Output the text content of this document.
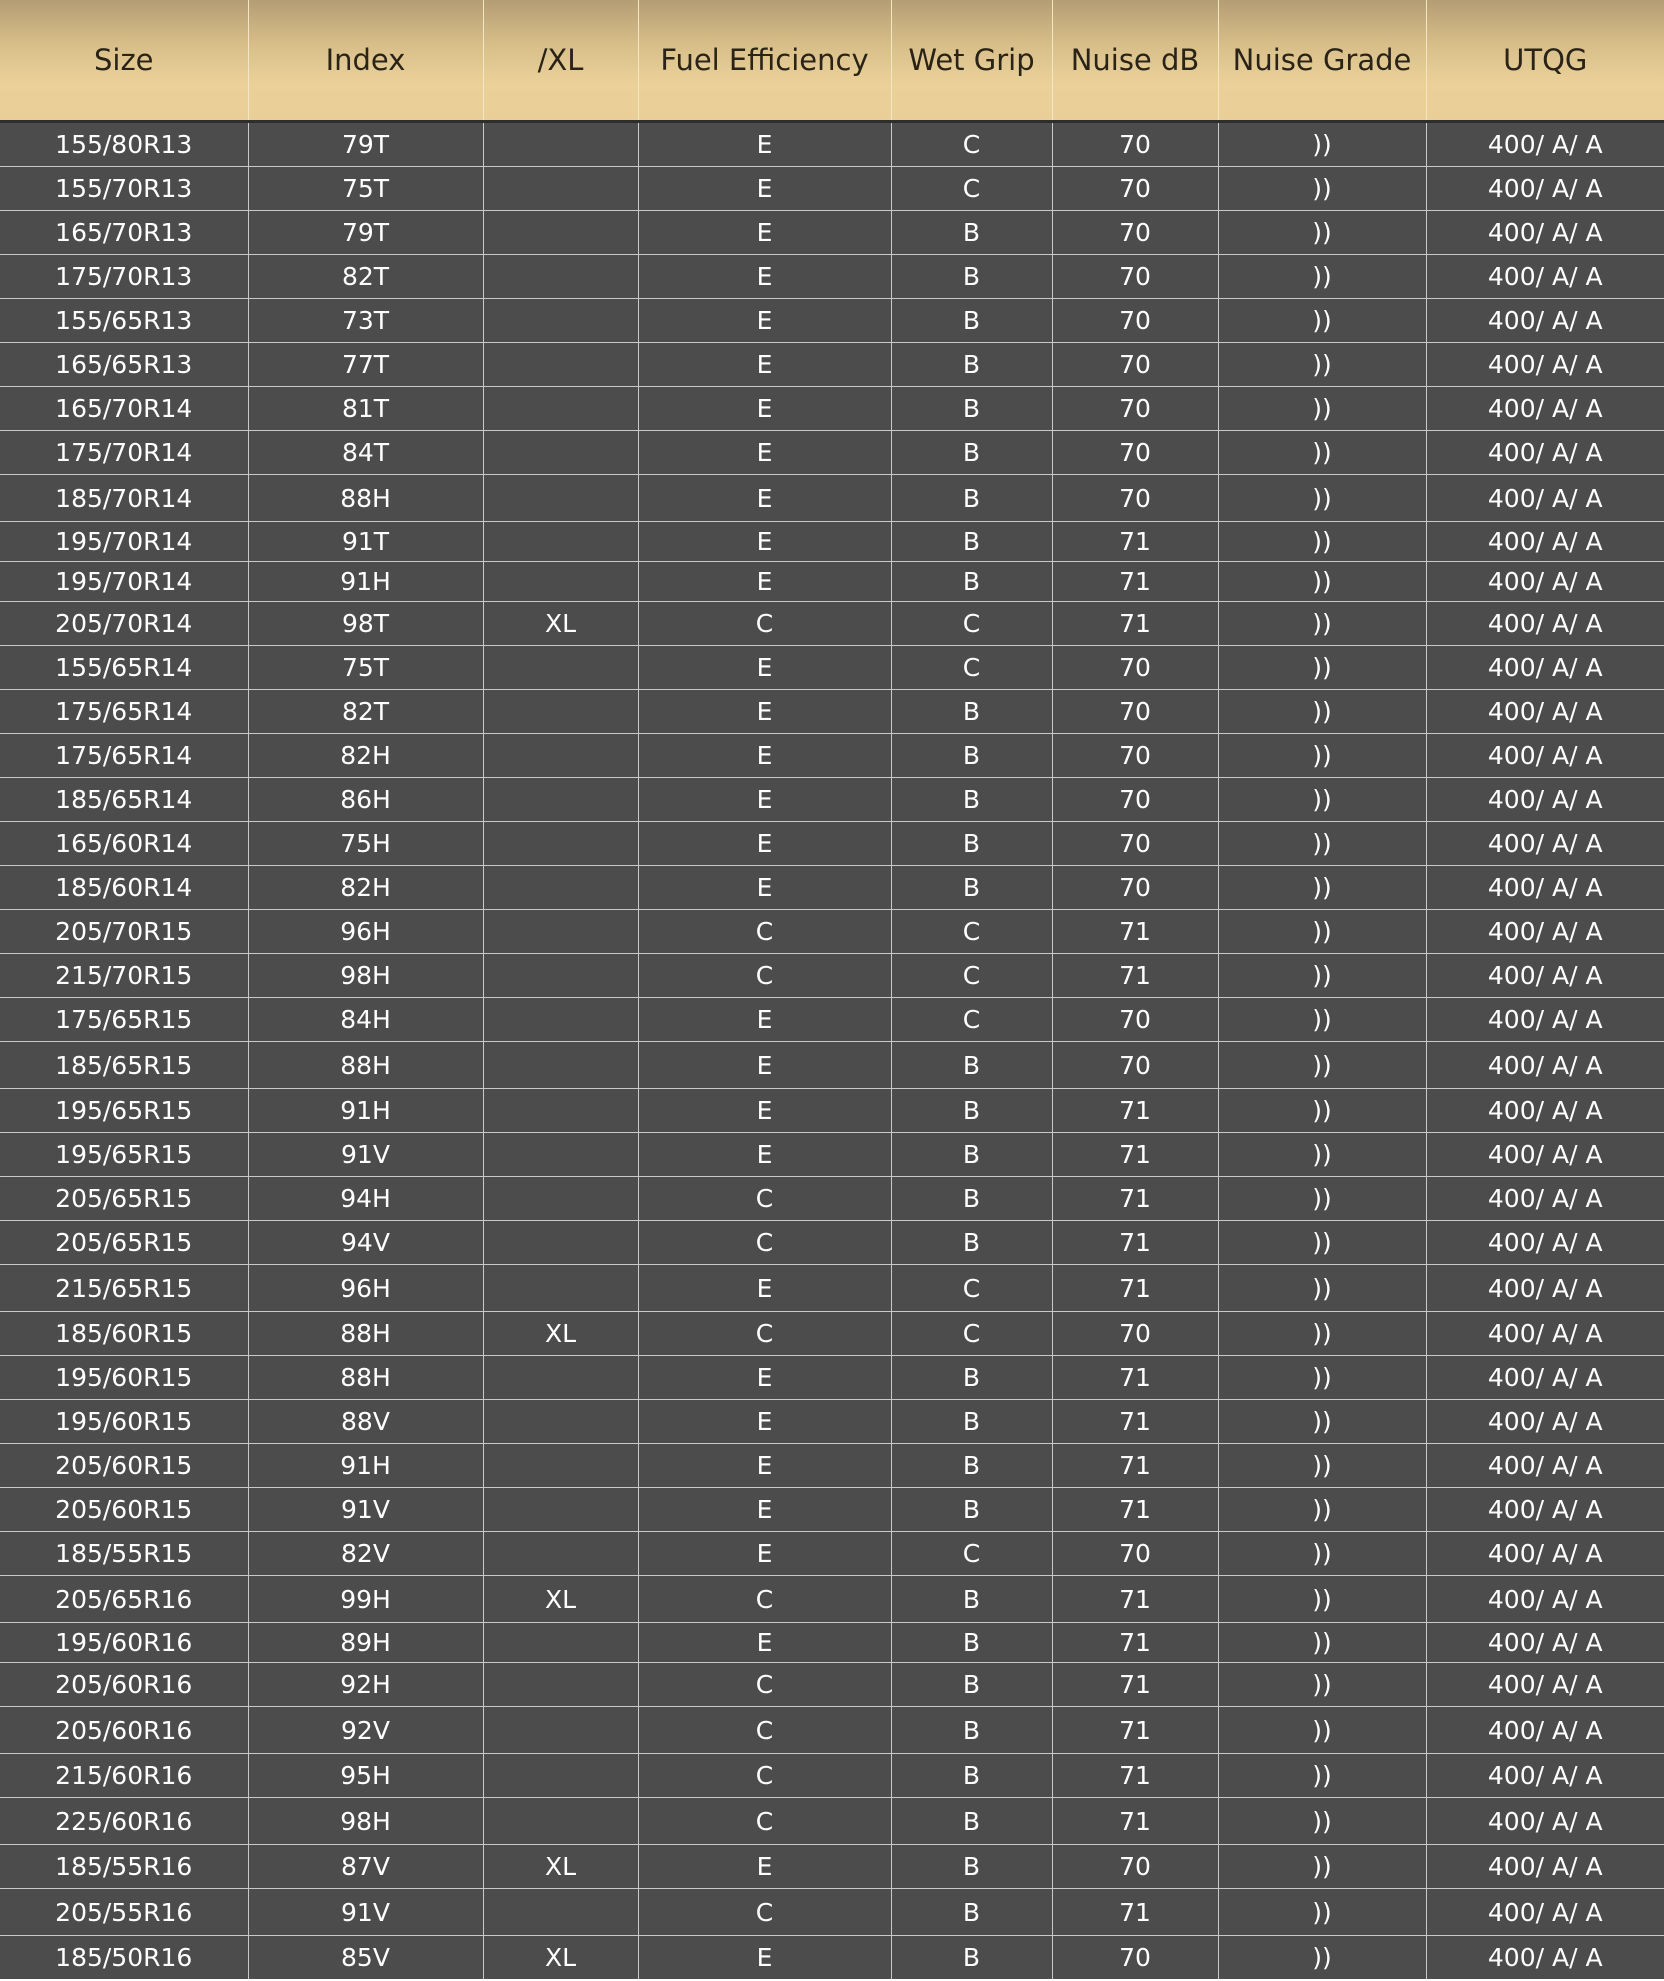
Size	Index	/XL	Fuel Efficiency	Wet Grip	Nuise dB	Nuise Grade	UTQG
155/80R13	79T		E	C	70	))	400/ A/ A
155/70R13	75T		E	C	70	))	400/ A/ A
165/70R13	79T		E	B	70	))	400/ A/ A
175/70R13	82T		E	B	70	))	400/ A/ A
155/65R13	73T		E	B	70	))	400/ A/ A
165/65R13	77T		E	B	70	))	400/ A/ A
165/70R14	81T		E	B	70	))	400/ A/ A
175/70R14	84T		E	B	70	))	400/ A/ A
185/70R14	88H		E	B	70	))	400/ A/ A
195/70R14	91T		E	B	71	))	400/ A/ A
195/70R14	91H		E	B	71	))	400/ A/ A
205/70R14	98T	XL	C	C	71	))	400/ A/ A
155/65R14	75T		E	C	70	))	400/ A/ A
175/65R14	82T		E	B	70	))	400/ A/ A
175/65R14	82H		E	B	70	))	400/ A/ A
185/65R14	86H		E	B	70	))	400/ A/ A
165/60R14	75H		E	B	70	))	400/ A/ A
185/60R14	82H		E	B	70	))	400/ A/ A
205/70R15	96H		C	C	71	))	400/ A/ A
215/70R15	98H		C	C	71	))	400/ A/ A
175/65R15	84H		E	C	70	))	400/ A/ A
185/65R15	88H		E	B	70	))	400/ A/ A
195/65R15	91H		E	B	71	))	400/ A/ A
195/65R15	91V		E	B	71	))	400/ A/ A
205/65R15	94H		C	B	71	))	400/ A/ A
205/65R15	94V		C	B	71	))	400/ A/ A
215/65R15	96H		E	C	71	))	400/ A/ A
185/60R15	88H	XL	C	C	70	))	400/ A/ A
195/60R15	88H		E	B	71	))	400/ A/ A
195/60R15	88V		E	B	71	))	400/ A/ A
205/60R15	91H		E	B	71	))	400/ A/ A
205/60R15	91V		E	B	71	))	400/ A/ A
185/55R15	82V		E	C	70	))	400/ A/ A
205/65R16	99H	XL	C	B	71	))	400/ A/ A
195/60R16	89H		E	B	71	))	400/ A/ A
205/60R16	92H		C	B	71	))	400/ A/ A
205/60R16	92V		C	B	71	))	400/ A/ A
215/60R16	95H		C	B	71	))	400/ A/ A
225/60R16	98H		C	B	71	))	400/ A/ A
185/55R16	87V	XL	E	B	70	))	400/ A/ A
205/55R16	91V		C	B	71	))	400/ A/ A
185/50R16	85V	XL	E	B	70	))	400/ A/ A
